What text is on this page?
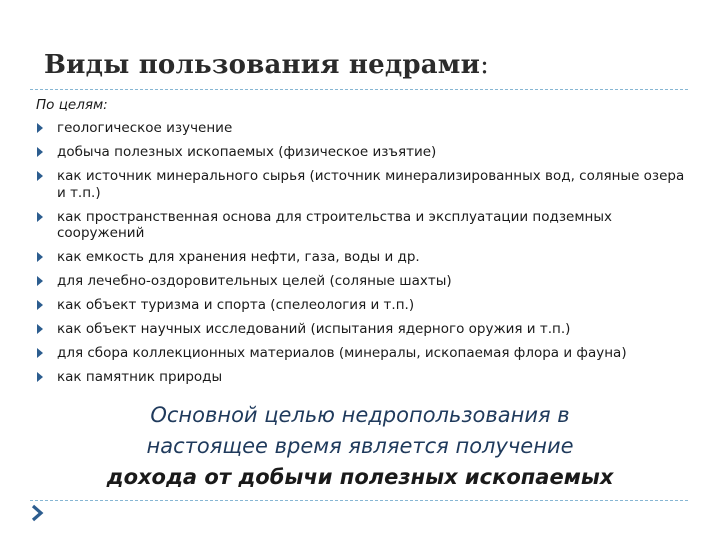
Виды пользования недрами:
По целям:
геологическое изучение
добыча полезных ископаемых (физическое изъятие)
как источник минерального сырья (источник минерализированных вод, соляные озера и т.п.)
как пространственная основа для строительства и эксплуатации подземных сооружений
как емкость для хранения нефти, газа, воды и др.
для лечебно-оздоровительных целей (соляные шахты)
как объект туризма и спорта (спелеология и т.п.)
как объект научных исследований (испытания ядерного оружия и т.п.)
для сбора коллекционных материалов (минералы, ископаемая флора и фауна)
как памятник природы
Основной целью недропользования в
настоящее время является получение
дохода от добычи полезных ископаемых
